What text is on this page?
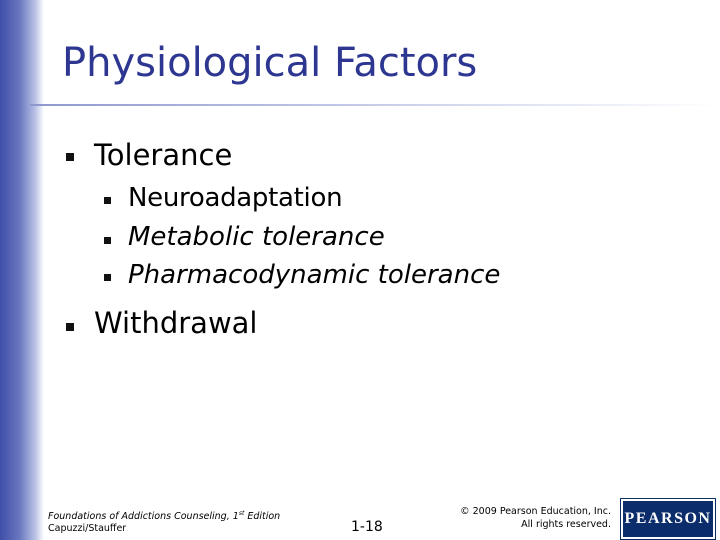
Physiological Factors
Tolerance
Neuroadaptation
Metabolic tolerance
Pharmacodynamic tolerance
Withdrawal
Foundations of Addictions Counseling, 1st Edition
Capuzzi/Stauffer	1-18
© 2009 Pearson Education, Inc.
All rights reserved. PEARSON
